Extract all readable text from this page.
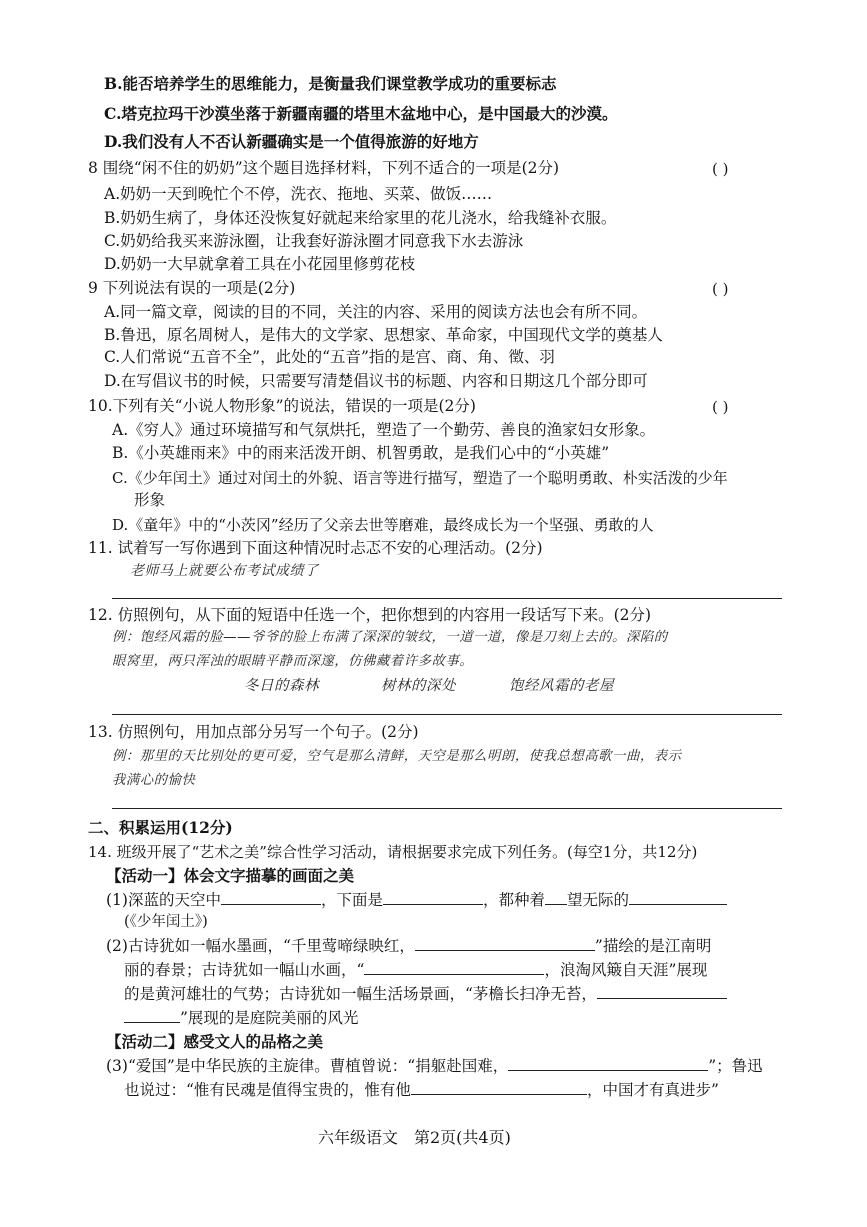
B.能否培养学生的思维能力，是衡量我们课堂教学成功的重要标志
C.塔克拉玛干沙漠坐落于新疆南疆的塔里木盆地中心，是中国最大的沙漠。
D.我们没有人不否认新疆确实是一个值得旅游的好地方
8 围绕“闲不住的奶奶”这个题目选择材料，下列不适合的一项是(2分)	( )
A.奶奶一天到晚忙个不停，洗衣、拖地、买菜、做饭……
B.奶奶生病了，身体还没恢复好就起来给家里的花儿浇水，给我缝补衣服。
C.奶奶给我买来游泳圈，让我套好游泳圈才同意我下水去游泳
D.奶奶一大早就拿着工具在小花园里修剪花枝
9 下列说法有误的一项是(2分)	( )
A.同一篇文章，阅读的目的不同，关注的内容、采用的阅读方法也会有所不同。
B.鲁迅，原名周树人，是伟大的文学家、思想家、革命家，中国现代文学的奠基人
C.人们常说“五音不全”，此处的“五音”指的是宫、商、角、徵、羽
D.在写倡议书的时候，只需要写清楚倡议书的标题、内容和日期这几个部分即可
10.下列有关“小说人物形象”的说法，错误的一项是(2分)	( )
A.《穷人》通过环境描写和气氛烘托，塑造了一个勤劳、善良的渔家妇女形象。
B.《小英雄雨来》中的雨来活泼开朗、机智勇敢，是我们心中的“小英雄”
C.《少年闰土》通过对闰土的外貌、语言等进行描写，塑造了一个聪明勇敢、朴实活泼的少年
形象
D.《童年》中的“小茨冈”经历了父亲去世等磨难，最终成长为一个坚强、勇敢的人
11. 试着写一写你遇到下面这种情况时忐忑不安的心理活动。(2分)
老师马上就要公布考试成绩了
12. 仿照例句，从下面的短语中任选一个，把你想到的内容用一段话写下来。(2分)
例：饱经风霜的脸——爷爷的脸上布满了深深的皱纹，一道一道，像是刀刻上去的。深陷的
眼窝里，两只浑浊的眼睛平静而深邃，仿佛藏着许多故事。
冬日的森林	树林的深处	饱经风霜的老屋
13. 仿照例句，用加点部分另写一个句子。(2分)
例：那里的天比别处的更可爱，空气是那么清鲜，天空是那么明朗，使我总想高歌一曲，表示
我满心的愉快
二、积累运用(12分)
14. 班级开展了“艺术之美”综合性学习活动，请根据要求完成下列任务。(每空1分，共12分)
【活动一】体会文字描摹的画面之美
(1)深蓝的天空中	，下面是	，都种着 望无际的
(《少年闰土》)
(2)古诗犹如一幅水墨画，“千里莺啼绿映红，	”描绘的是江南明
丽的春景；古诗犹如一幅山水画，“	，浪淘风簸自天涯”展现
的是黄河雄壮的气势；古诗犹如一幅生活场景画，“茅檐长扫净无苔，
”展现的是庭院美丽的风光
【活动二】感受文人的品格之美
(3)“爱国”是中华民族的主旋律。曹植曾说：“捐躯赴国难，	”；鲁迅
也说过：“惟有民魂是值得宝贵的，惟有他	，中国才有真进步”
六年级语文　第2页(共4页)
